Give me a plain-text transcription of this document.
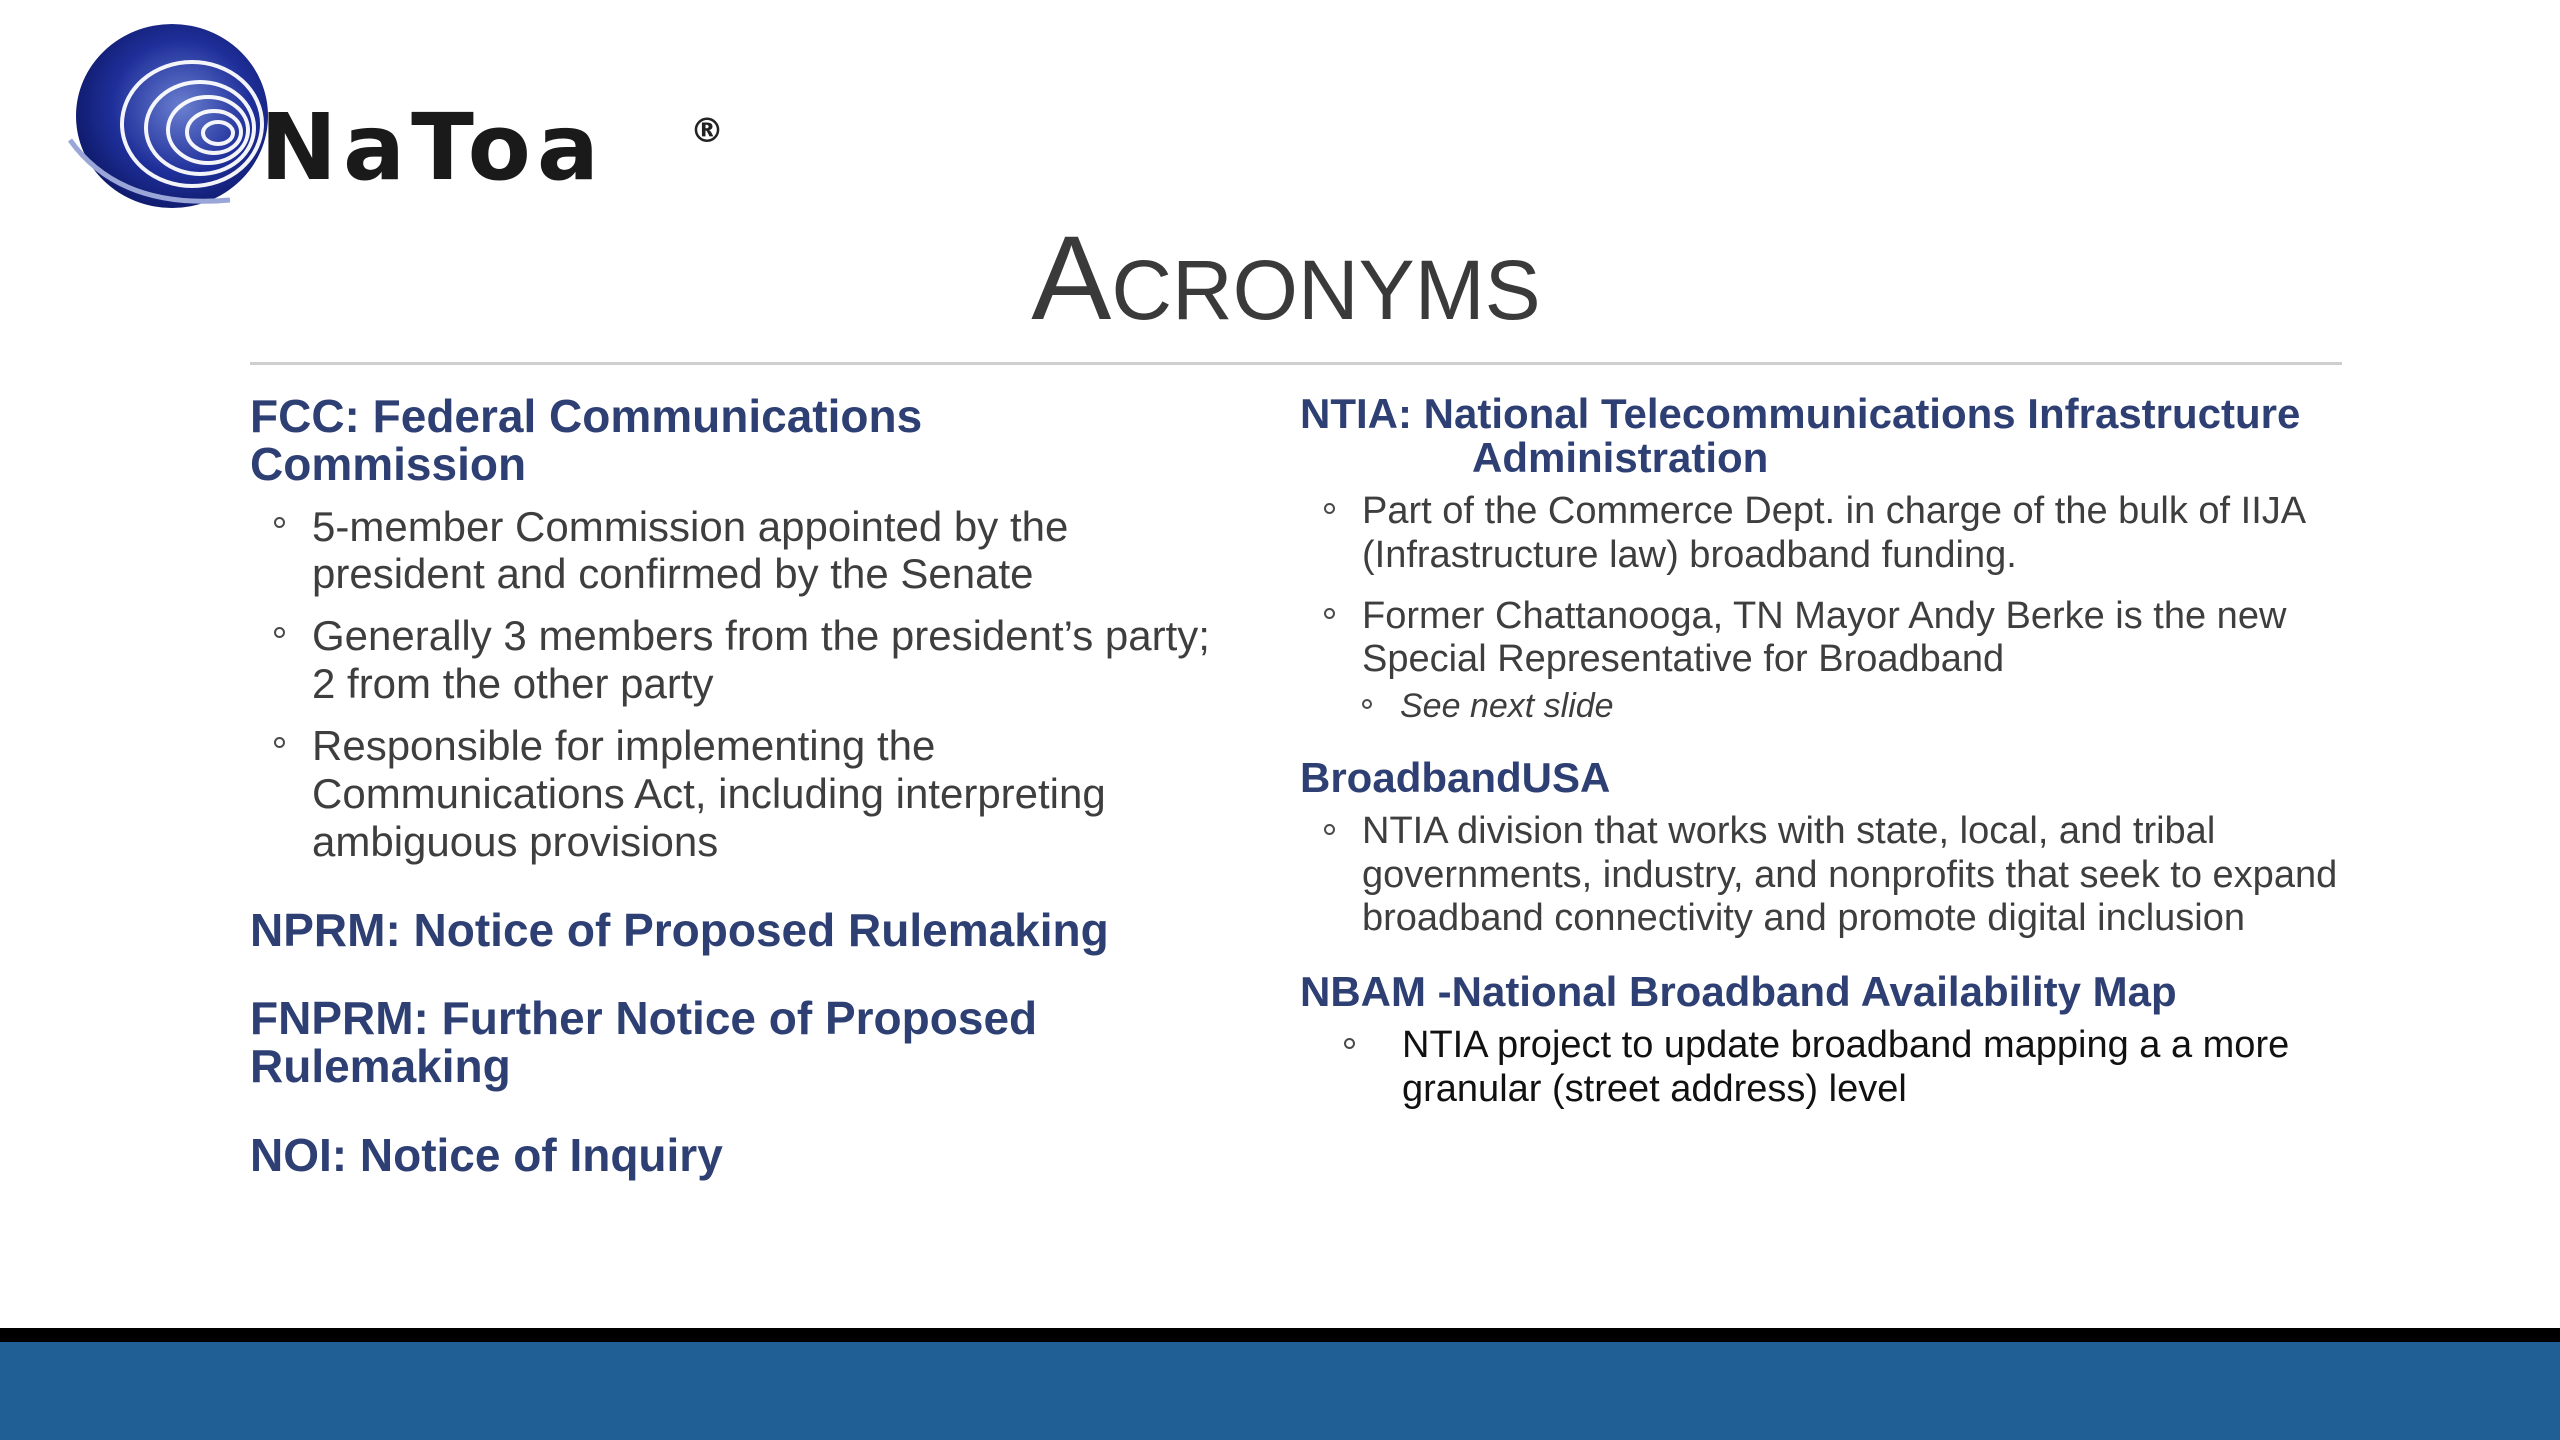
NaToa	®
Acronyms

FCC: Federal Communications
Commission

5-member Commission appointed by the president and confirmed by the Senate
Generally 3 members from the president’s party; 2 from the other party
Responsible for implementing the Communications Act, including interpreting ambiguous provisions

NPRM: Notice of Proposed Rulemaking

FNPRM: Further Notice of Proposed Rulemaking

NOI: Notice of Inquiry

NTIA: National Telecommunications Infrastructure
Administration

Part of the Commerce Dept. in charge of the bulk of IIJA (Infrastructure law) broadband funding.
Former Chattanooga, TN Mayor Andy Berke is the new Special Representative for Broadband
See next slide

BroadbandUSA

NTIA division that works with state, local, and tribal governments, industry, and nonprofits that seek to expand broadband connectivity and promote digital inclusion

NBAM -National Broadband Availability Map

NTIA project to update broadband mapping a a more granular (street address) level
